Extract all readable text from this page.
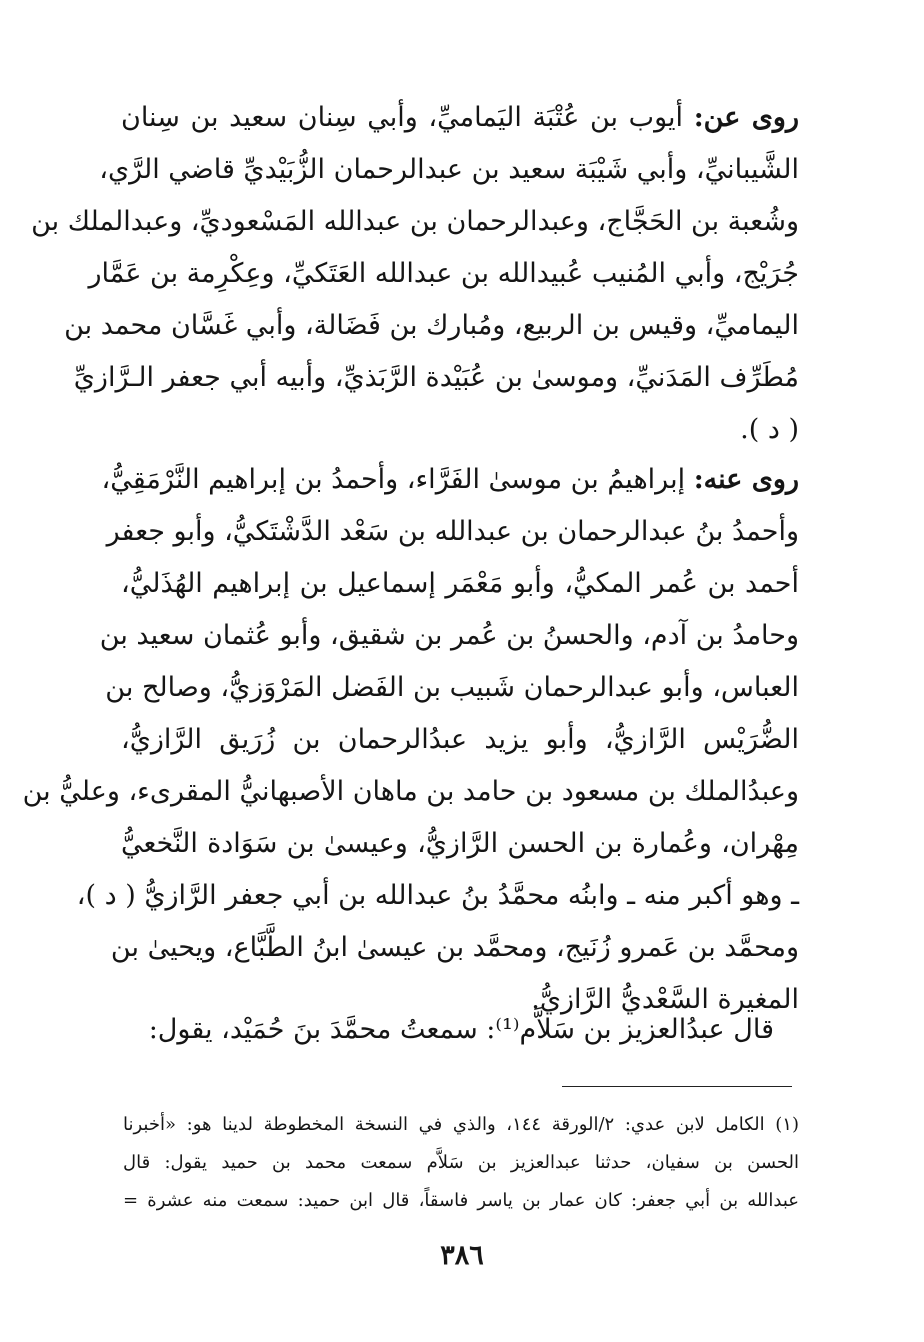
روى عن: أيوب بن عُتْبَة اليَماميِّ، وأبي سِنان سعيد بن سِنان
الشَّيبانيِّ، وأبي شَيْبَة سعيد بن عبدالرحمان الزُّبَيْديِّ قاضي الرَّي،
وشُعبة بن الحَجَّاج، وعبدالرحمان بن عبدالله المَسْعوديِّ، وعبدالملك بن
جُرَيْج، وأبي المُنيب عُبيدالله بن عبدالله العَتَكيِّ، وعِكْرِمة بن عَمَّار
اليماميِّ، وقيس بن الربيع، ومُبارك بن فَضَالة، وأبي غَسَّان محمد بن
مُطَرِّف المَدَنيِّ، وموسىٰ بن عُبَيْدة الرَّبَذيِّ، وأبيه أبي جعفر الـرَّازيِّ
( د ).
روى عنه: إبراهيمُ بن موسىٰ الفَرَّاء، وأحمدُ بن إبراهيم النَّرْمَقِيُّ،
وأحمدُ بنُ عبدالرحمان بن عبدالله بن سَعْد الدَّشْتَكيُّ، وأبو جعفر
أحمد بن عُمر المكيُّ، وأبو مَعْمَر إسماعيل بن إبراهيم الهُذَليُّ،
وحامدُ بن آدم، والحسنُ بن عُمر بن شقيق، وأبو عُثمان سعيد بن
العباس، وأبو عبدالرحمان شَبيب بن الفَضل المَرْوَزيُّ، وصالح بن
الضُّرَيْس الرَّازيُّ، وأبو يزيد عبدُالرحمان بن زُرَيق الرَّازيُّ،
وعبدُالملك بن مسعود بن حامد بن ماهان الأصبهانيُّ المقرىء، وعليُّ بن
مِهْران، وعُمارة بن الحسن الرَّازيُّ، وعيسىٰ بن سَوَادة النَّخعيُّ
ـ وهو أكبر منه ـ وابنُه محمَّدُ بنُ عبدالله بن أبي جعفر الرَّازيُّ ( د )،
ومحمَّد بن عَمرو زُنَيج، ومحمَّد بن عيسىٰ ابنُ الطَّبَّاع، ويحيىٰ بن
المغيرة السَّعْديُّ الرَّازيُّ.
قال عبدُالعزيز بن سَلاَّم⁽¹⁾: سمعتُ محمَّدَ بنَ حُمَيْد، يقول:
(١) الكامل لابن عدي: ٢/الورقة ١٤٤، والذي في النسخة المخطوطة لدينا هو: «أخبرنا
الحسن بن سفيان، حدثنا عبدالعزيز بن سَلاَّم سمعت محمد بن حميد يقول: قال
عبدالله بن أبي جعفر: كان عمار بن ياسر فاسقاً، قال ابن حميد: سمعت منه عشرة =
٣٨٦
